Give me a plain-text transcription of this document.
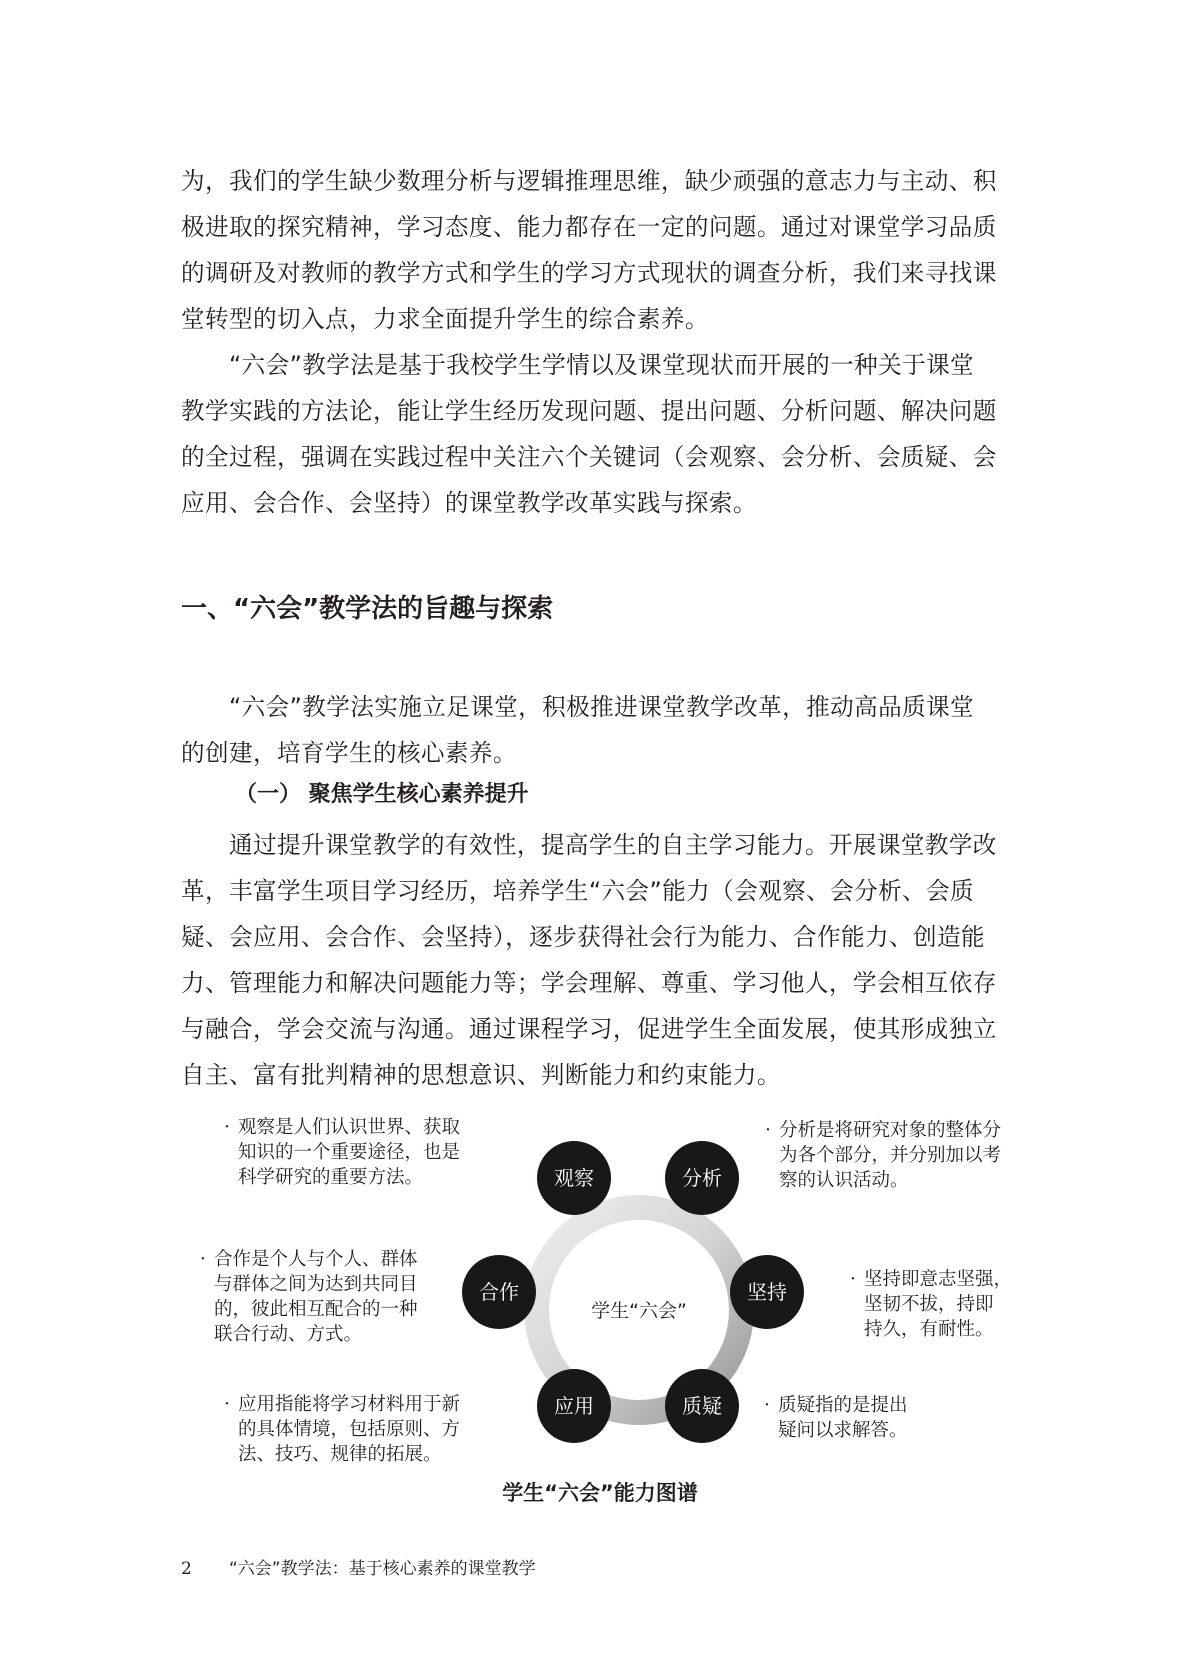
为，我们的学生缺少数理分析与逻辑推理思维，缺少顽强的意志力与主动、积
极进取的探究精神，学习态度、能力都存在一定的问题。通过对课堂学习品质
的调研及对教师的教学方式和学生的学习方式现状的调查分析，我们来寻找课
堂转型的切入点，力求全面提升学生的综合素养。
“六会”教学法是基于我校学生学情以及课堂现状而开展的一种关于课堂
教学实践的方法论，能让学生经历发现问题、提出问题、分析问题、解决问题
的全过程，强调在实践过程中关注六个关键词（会观察、会分析、会质疑、会
应用、会合作、会坚持）的课堂教学改革实践与探索。
一、“六会”教学法的旨趣与探索
“六会”教学法实施立足课堂，积极推进课堂教学改革，推动高品质课堂
的创建，培育学生的核心素养。
（一） 聚焦学生核心素养提升
通过提升课堂教学的有效性，提高学生的自主学习能力。开展课堂教学改
革，丰富学生项目学习经历，培养学生“六会”能力（会观察、会分析、会质
疑、会应用、会合作、会坚持），逐步获得社会行为能力、合作能力、创造能
力、管理能力和解决问题能力等；学会理解、尊重、学习他人，学会相互依存
与融合，学会交流与沟通。通过课程学习，促进学生全面发展，使其形成独立
自主、富有批判精神的思想意识、判断能力和约束能力。
学生“六会”
观察	分析
坚持
质疑
应用
合作
· 观察是人们认识世界、获取
知识的一个重要途径，也是
科学研究的重要方法。
· 分析是将研究对象的整体分
为各个部分，并分别加以考
察的认识活动。
· 合作是个人与个人、群体
与群体之间为达到共同目
的，彼此相互配合的一种
联合行动、方式。
· 坚持即意志坚强，
坚韧不拔，持即
持久，有耐性。
· 应用指能将学习材料用于新
的具体情境，包括原则、方
法、技巧、规律的拓展。
· 质疑指的是提出
疑问以求解答。
学生“六会”能力图谱
2 “六会”教学法：基于核心素养的课堂教学
